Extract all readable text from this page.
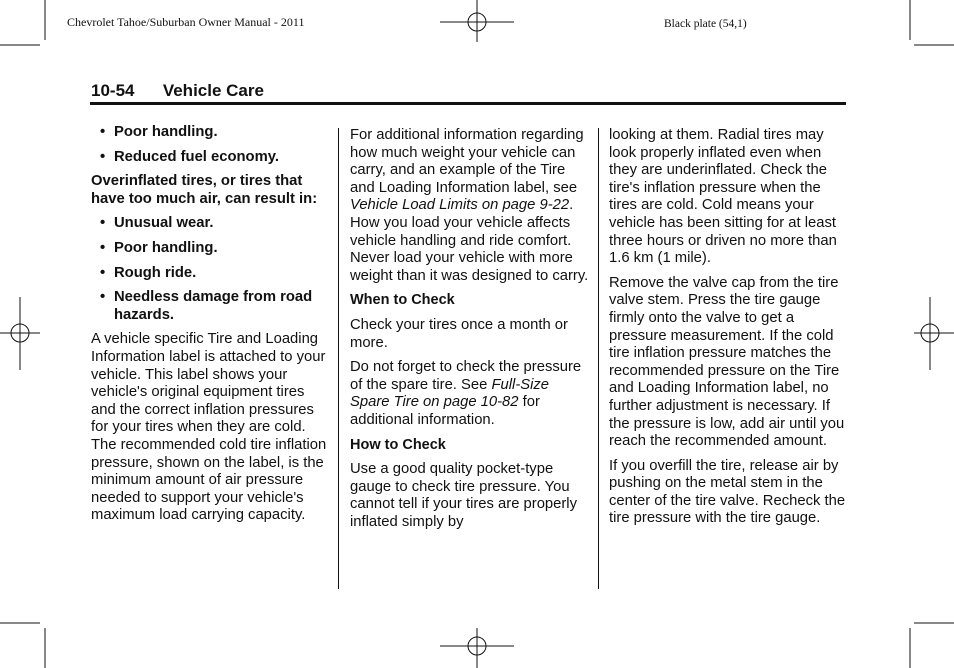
Chevrolet Tahoe/Suburban Owner Manual - 2011	Black plate (54,1)
10-54 Vehicle Care
• Poor handling.
• Reduced fuel economy.

Overinflated tires, or tires that have too much air, can result in:

• Unusual wear.
• Poor handling.
• Rough ride.
• Needless damage from road hazards.

A vehicle specific Tire and Loading Information label is attached to your vehicle. This label shows your vehicle's original equipment tires and the correct inflation pressures for your tires when they are cold. The recommended cold tire inflation pressure, shown on the label, is the minimum amount of air pressure needed to support your vehicle's maximum load carrying capacity.

For additional information regarding how much weight your vehicle can carry, and an example of the Tire and Loading Information label, see Vehicle Load Limits on page 9-22. How you load your vehicle affects vehicle handling and ride comfort. Never load your vehicle with more weight than it was designed to carry.

When to Check

Check your tires once a month or more.

Do not forget to check the pressure of the spare tire. See Full-Size Spare Tire on page 10-82 for additional information.

How to Check

Use a good quality pocket-type gauge to check tire pressure. You cannot tell if your tires are properly inflated simply by

looking at them. Radial tires may look properly inflated even when they are underinflated. Check the tire's inflation pressure when the tires are cold. Cold means your vehicle has been sitting for at least three hours or driven no more than 1.6 km (1 mile).

Remove the valve cap from the tire valve stem. Press the tire gauge firmly onto the valve to get a pressure measurement. If the cold tire inflation pressure matches the recommended pressure on the Tire and Loading Information label, no further adjustment is necessary. If the pressure is low, add air until you reach the recommended amount.

If you overfill the tire, release air by pushing on the metal stem in the center of the tire valve. Recheck the tire pressure with the tire gauge.
